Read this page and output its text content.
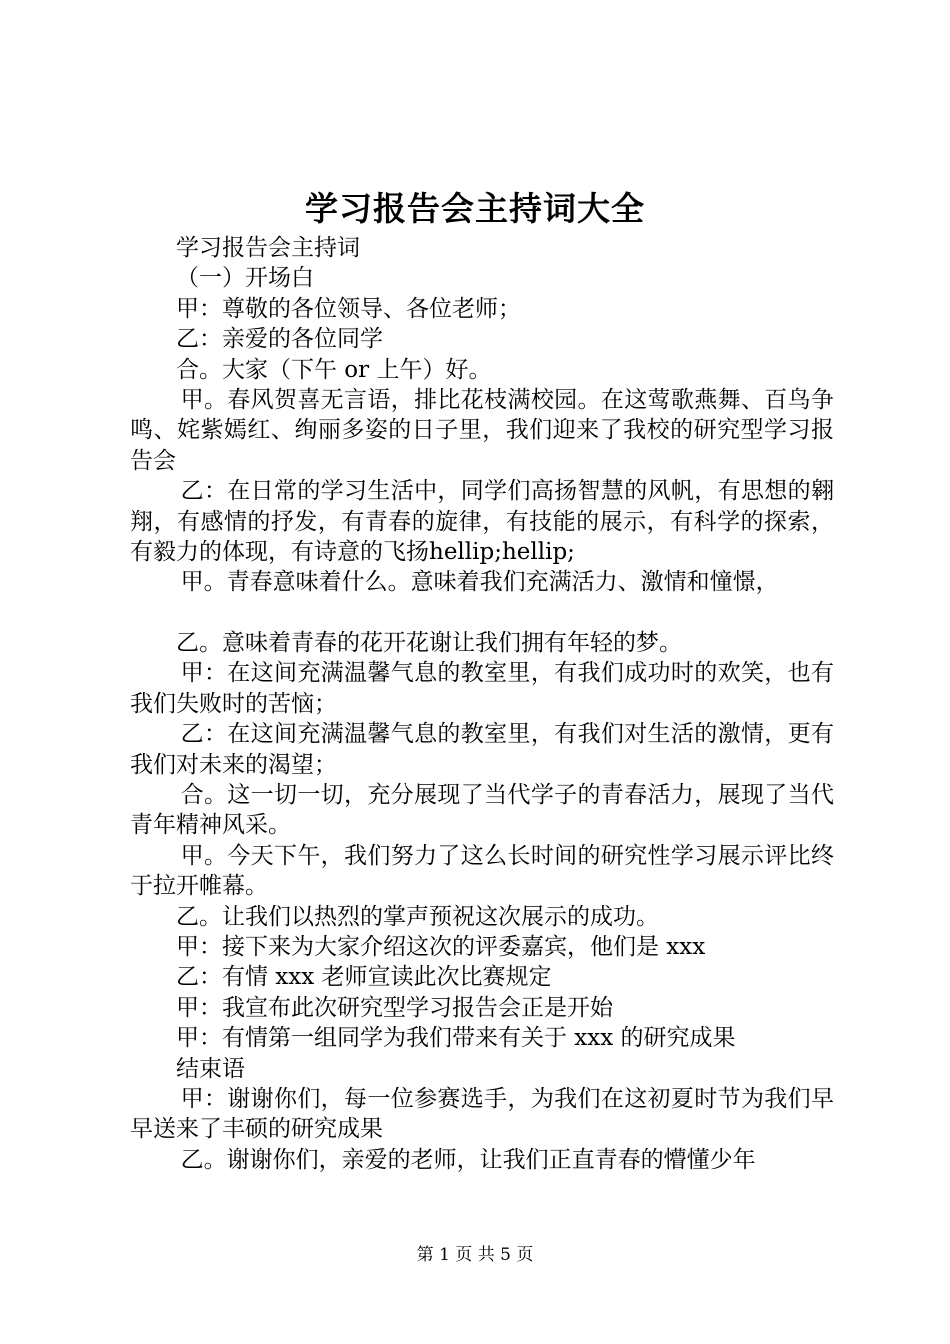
学习报告会主持词大全

学习报告会主持词

（一）开场白

甲：尊敬的各位领导、各位老师；

乙：亲爱的各位同学

合。大家（下午 or 上午）好。

甲。春风贺喜无言语，排比花枝满校园。在这莺歌燕舞、百鸟争鸣、姹紫嫣红、绚丽多姿的日子里，我们迎来了我校的研究型学习报告会

乙：在日常的学习生活中，同学们高扬智慧的风帆，有思想的翱翔，有感情的抒发，有青春的旋律，有技能的展示，有科学的探索，有毅力的体现，有诗意的飞扬hellip;hellip;

甲。青春意味着什么。意味着我们充满活力、激情和憧憬，

乙。意味着青春的花开花谢让我们拥有年轻的梦。

甲：在这间充满温馨气息的教室里，有我们成功时的欢笑，也有我们失败时的苦恼；

乙：在这间充满温馨气息的教室里，有我们对生活的激情，更有我们对未来的渴望；

合。这一切一切，充分展现了当代学子的青春活力，展现了当代青年精神风采。

甲。今天下午，我们努力了这么长时间的研究性学习展示评比终于拉开帷幕。

乙。让我们以热烈的掌声预祝这次展示的成功。

甲：接下来为大家介绍这次的评委嘉宾，他们是 xxx

乙：有情 xxx 老师宣读此次比赛规定

甲：我宣布此次研究型学习报告会正是开始

甲：有情第一组同学为我们带来有关于 xxx 的研究成果

结束语

甲：谢谢你们，每一位参赛选手，为我们在这初夏时节为我们早早送来了丰硕的研究成果

乙。谢谢你们，亲爱的老师，让我们正直青春的懵懂少年

第 1 页 共 5 页
